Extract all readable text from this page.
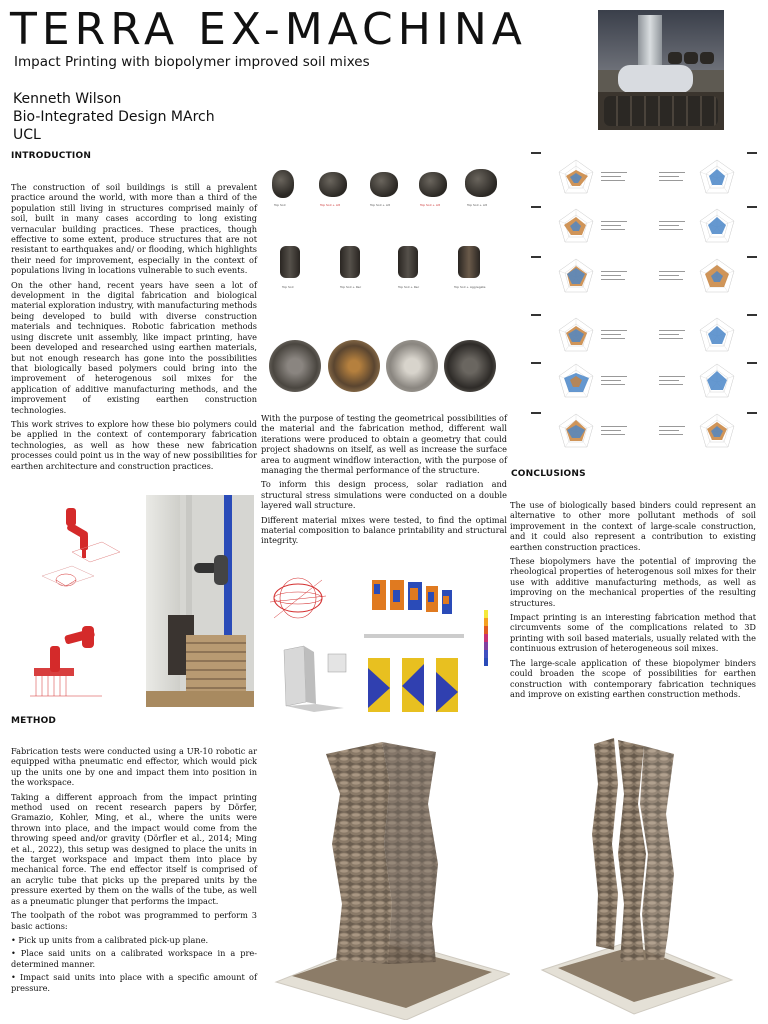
TERRA EX-MACHINA
Impact Printing with biopolymer improved soil mixes
Kenneth Wilson
Bio-Integrated Design MArch
UCL
INTRODUCTION

The construction of soil buildings is still a prevalent practice around the world, with more than a third of the population still living in structures comprised mainly of soil, built in many cases according to long existing vernacular building practices. These practices, though effective to some extent, produce structures that are not resistant to earthquakes and/ or flooding, which highlights their need for improvement, especially in the context of populations living in locations vulnerable to such events.

On the other hand, recent years have seen a lot of development in the digital fabrication and biological material exploration industry, with manufacturing methods being developed to build with diverse construction materials and techniques. Robotic fabrication methods using discrete unit assembly, like impact printing, have been developed and researched using earthen materials, but not enough research has gone into the possibilities that biologically based polymers could bring into the improvement of heterogenous soil mixes for the application of additive manufacturing methods, and the improvement of existing earthen construction technologies.

This work strives to explore how these bio polymers could be applied in the context of contemporary fabrication technologies, as well as how these new fabrication processes could point us in the way of new possibilities for earthen architecture and construction practices.

Top Soil	Top Soil + Alt	Top Soil + Alt	Top Soil + Alt	Top Soil + Alt
Top Soil	Top Soil + Rec	Top Soil + Rec	Top Soil + Aggregate

With the purpose of testing the geometrical possibilities of the material and the fabrication method, different wall iterations were produced to obtain a geometry that could project shadowns on itself, as well as increase the surface area to augment windflow interaction, with the purpose of managing the thermal performance of the structure.

To inform this design process, solar radiation and structural stress simulations were conducted on a double layered wall structure.

Different material mixes were tested, to find the optimal material composition to balance printability and structural integrity.

CONCLUSIONS

The use of biologically based binders could represent an alternative to other more pollutant methods of soil improvement in the context of large-scale construction, and it could also represent a contribution to existing earthen construction practices.

These biopolymers have the potential of improving the rheological properties of heterogenous soil mixes for their use with additive manufacturing methods, as well as improving on the mechanical properties of the resulting structures.

Impact printing is an interesting fabrication method that circumvents some of the complications related to 3D printing with soil based materials, usually related with the continuous extrusion of heterogeneous soil mixes.

The large-scale application of these biopolymer binders could broaden the scope of possibilities for earthen construction with contemporary fabrication techniques and improve on existing earthen construction methods.

METHOD

Fabrication tests were conducted using a UR-10 robotic ar equipped witha pneumatic end effector, which would pick up the units one by one and impact them into position in the workspace.

Taking a different approach from the impact printing method used on recent research papers by Dörfer, Gramazio, Kohler, Ming, et al., where the units were thrown into place, and the impact would come from the throwing speed and/or gravity (Dörfler et al., 2014; Ming et al., 2022), this setup was designed to place the units in the target workspace and impact them into place by mechanical force. The end effector itself is comprised of an acrylic tube that picks up the prepared units by the pressure exerted by them on the walls of the tube, as well as a pneumatic plunger that performs the impact.

The toolpath of the robot was programmed to perform 3 basic actions:

• Pick up units from a calibrated pick-up plane.
• Place said units on a calibrated workspace in a pre-determined manner.
• Impact said units into place with a specific amount of pressure.
